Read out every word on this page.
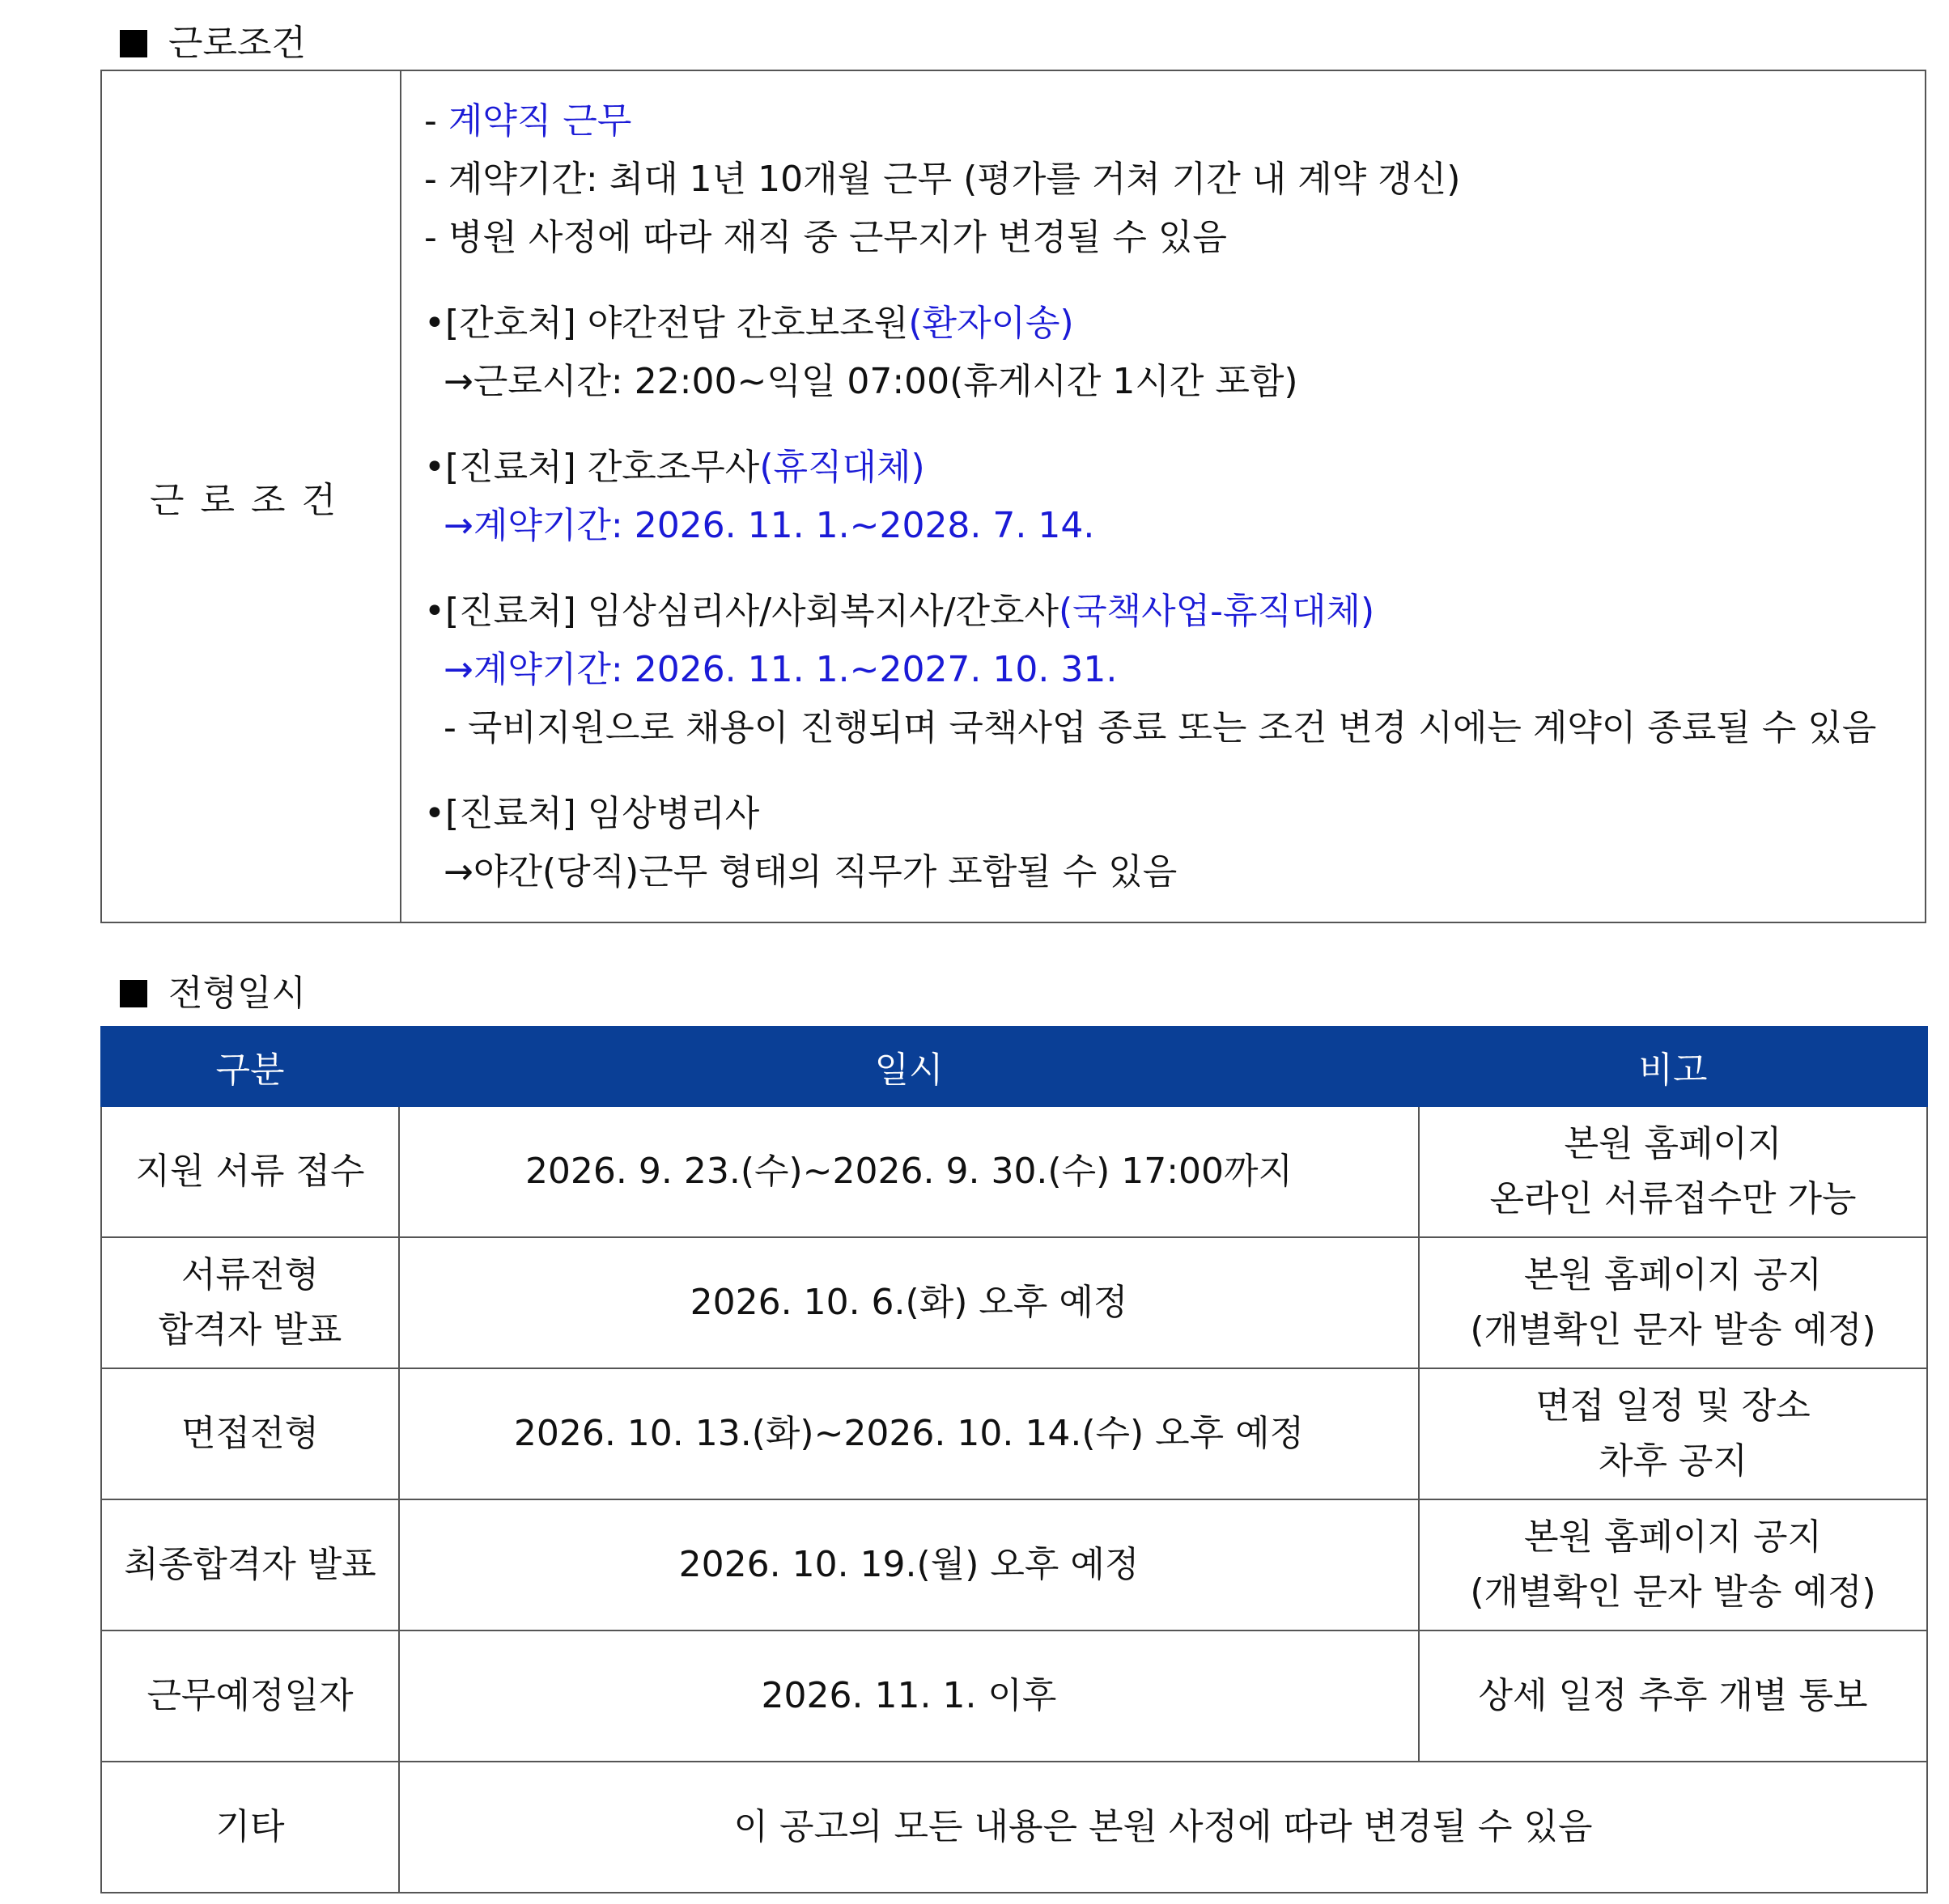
근로조건
근로조건
- 계약직 근무
- 계약기간: 최대 1년 10개월 근무 (평가를 거쳐 기간 내 계약 갱신)
- 병원 사정에 따라 재직 중 근무지가 변경될 수 있음
•[간호처] 야간전담 간호보조원(환자이송)
→근로시간: 22:00~익일 07:00(휴게시간 1시간 포함)
•[진료처] 간호조무사(휴직대체)
→계약기간: 2026. 11. 1.~2028. 7. 14.
•[진료처] 임상심리사/사회복지사/간호사(국책사업-휴직대체)
→계약기간: 2026. 11. 1.~2027. 10. 31.
- 국비지원으로 채용이 진행되며 국책사업 종료 또는 조건 변경 시에는 계약이 종료될 수 있음
•[진료처] 임상병리사
→야간(당직)근무 형태의 직무가 포함될 수 있음
전형일시
구분	일시	비고

지원 서류 접수	2026. 9. 23.(수)~2026. 9. 30.(수) 17:00까지	본원 홈페이지
온라인 서류접수만 가능

서류전형
합격자 발표	2026. 10. 6.(화) 오후 예정	본원 홈페이지 공지
(개별확인 문자 발송 예정)

면접전형	2026. 10. 13.(화)~2026. 10. 14.(수) 오후 예정	면접 일정 및 장소
차후 공지

최종합격자 발표	2026. 10. 19.(월) 오후 예정	본원 홈페이지 공지
(개별확인 문자 발송 예정)

근무예정일자	2026. 11. 1. 이후	상세 일정 추후 개별 통보

기타	이 공고의 모든 내용은 본원 사정에 따라 변경될 수 있음	
